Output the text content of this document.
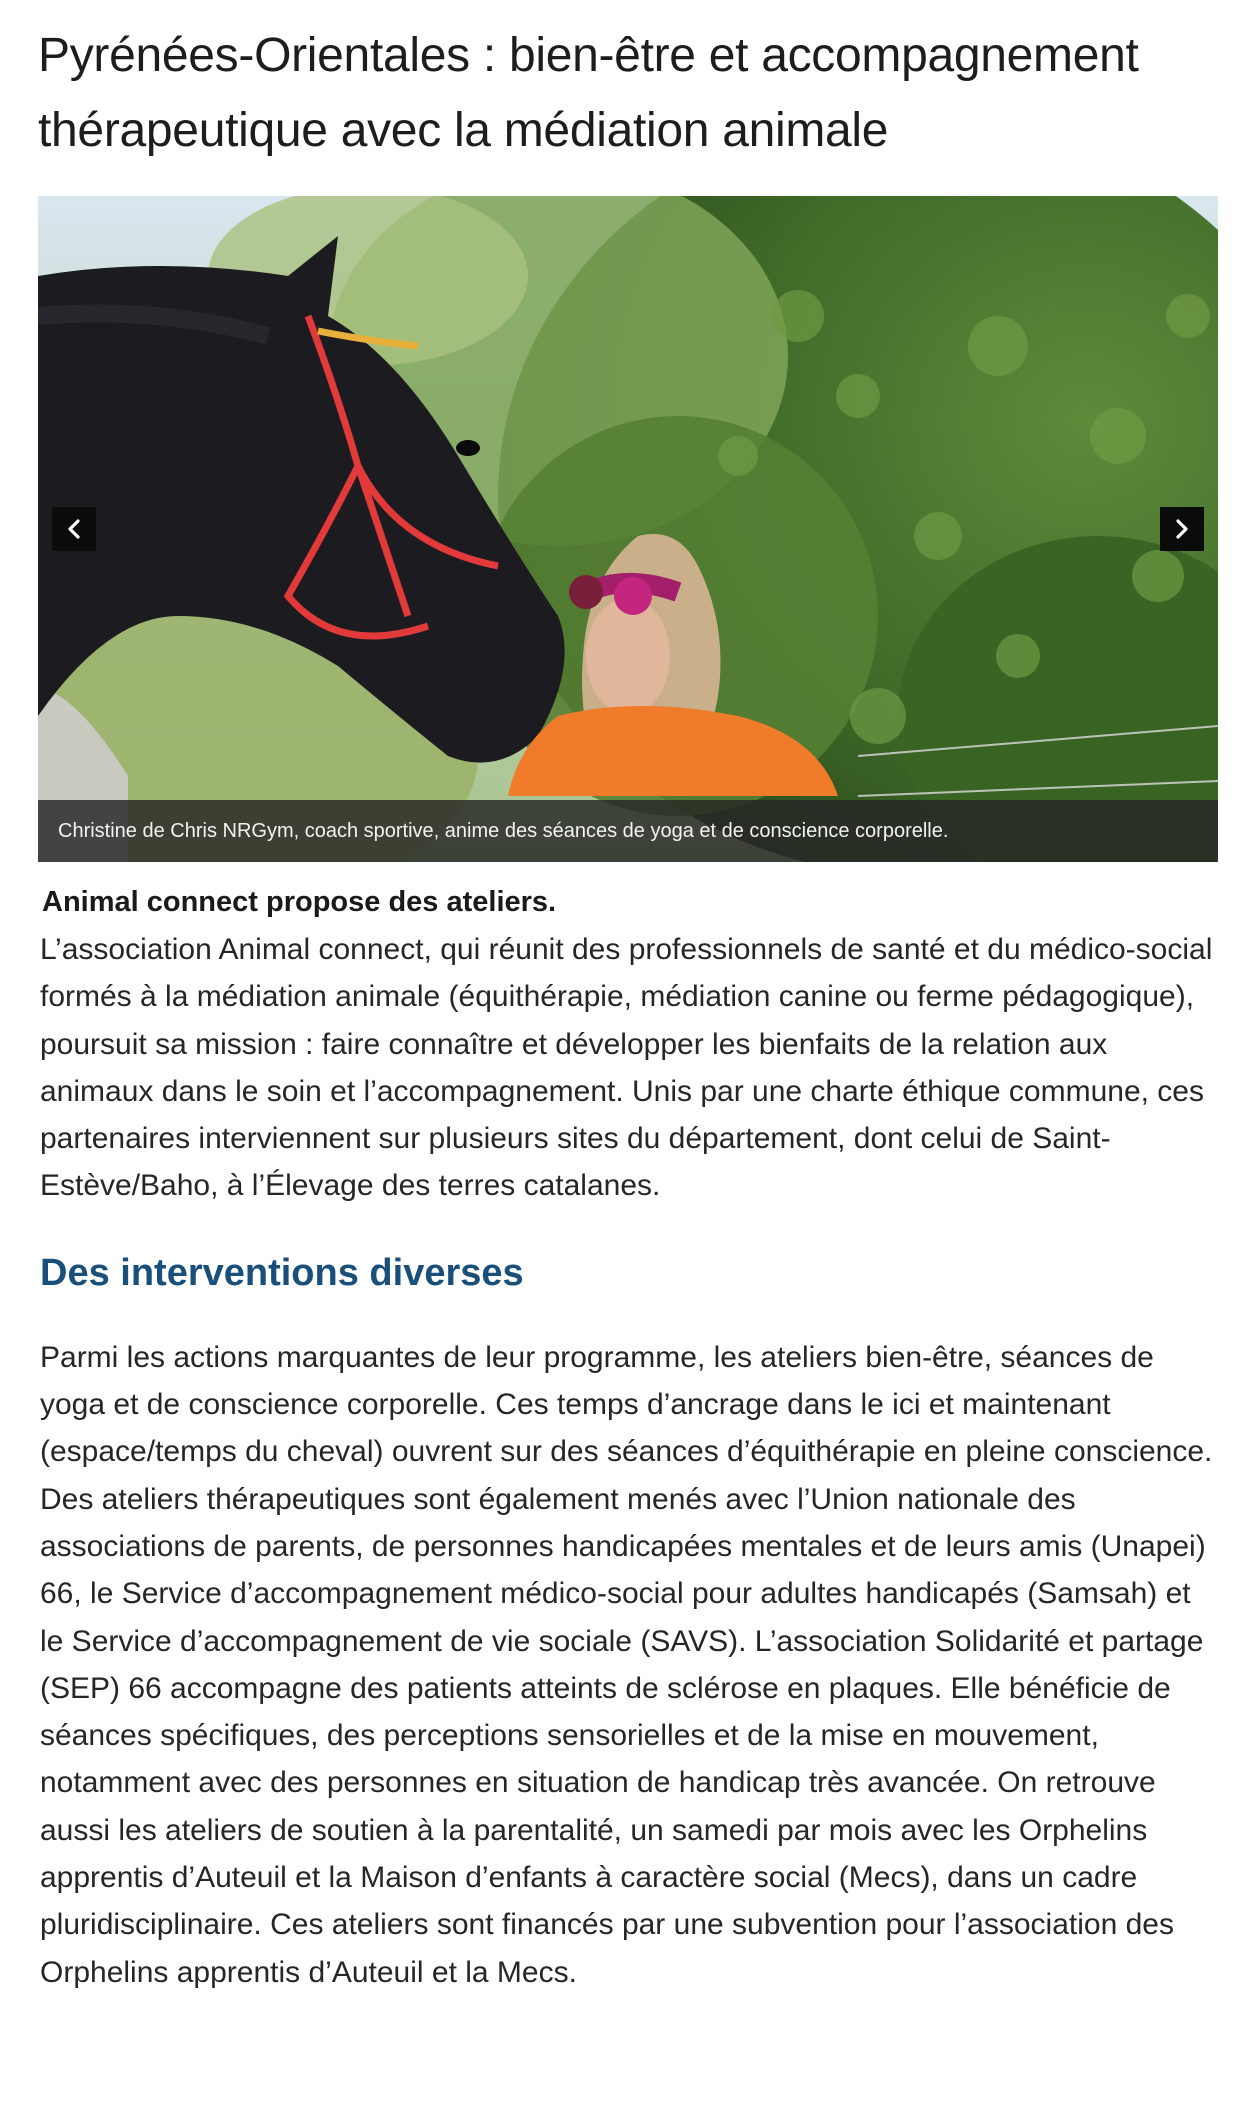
Pyrénées-Orientales : bien-être et accompagnement thérapeutique avec la médiation animale
Christine de Chris NRGym, coach sportive, anime des séances de yoga et de conscience corporelle.
Animal connect propose des ateliers.

L’association Animal connect, qui réunit des professionnels de santé et du médico-social formés à la médiation animale (équithérapie, médiation canine ou ferme pédagogique), poursuit sa mission : faire connaître et développer les bienfaits de la relation aux animaux dans le soin et l’accompagnement. Unis par une charte éthique commune, ces partenaires interviennent sur plusieurs sites du département, dont celui de Saint-Estève/Baho, à l’Élevage des terres catalanes.

Des interventions diverses

Parmi les actions marquantes de leur programme, les ateliers bien-être, séances de yoga et de conscience corporelle. Ces temps d’ancrage dans le ici et maintenant (espace/temps du cheval) ouvrent sur des séances d’équithérapie en pleine conscience. Des ateliers thérapeutiques sont également menés avec l’Union nationale des associations de parents, de personnes handicapées mentales et de leurs amis (Unapei) 66, le Service d’accompagnement médico-social pour adultes handicapés (Samsah) et le Service d’accompagnement de vie sociale (SAVS). L’association Solidarité et partage (SEP) 66 accompagne des patients atteints de sclérose en plaques. Elle bénéficie de séances spécifiques, des perceptions sensorielles et de la mise en mouvement, notamment avec des personnes en situation de handicap très avancée. On retrouve aussi les ateliers de soutien à la parentalité, un samedi par mois avec les Orphelins apprentis d’Auteuil et la Maison d’enfants à caractère social (Mecs), dans un cadre pluridisciplinaire. Ces ateliers sont financés par une subvention pour l’association des Orphelins apprentis d’Auteuil et la Mecs.
